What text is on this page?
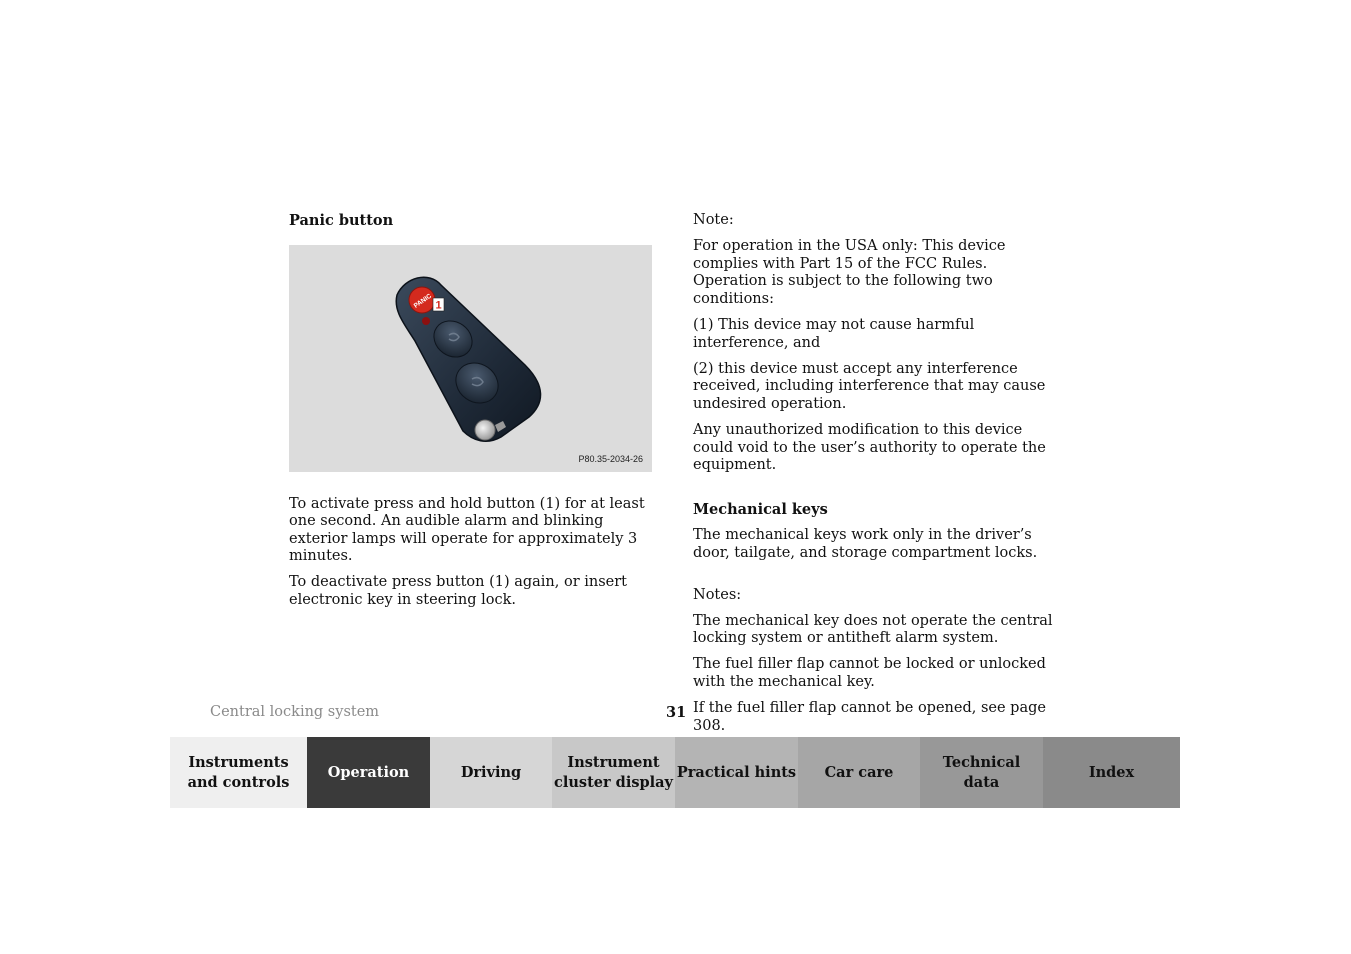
Panic button
PANIC 1
P80.35-2034-26

To activate press and hold button (1) for at least one second. An audible alarm and blinking exterior lamps will operate for approximately 3 minutes.

To deactivate press button (1) again, or insert electronic key in steering lock.

Note:

For operation in the USA only: This device complies with Part 15 of the FCC Rules. Operation is subject to the following two conditions:

(1) This device may not cause harmful interference, and

(2) this device must accept any interference received, including interference that may cause undesired operation.

Any unauthorized modification to this device could void to the user’s authority to operate the equipment.

Mechanical keys

The mechanical keys work only in the driver’s door, tailgate, and storage compartment locks.

Notes:

The mechanical key does not operate the central locking system or antitheft alarm system.

The fuel filler flap cannot be locked or unlocked with the mechanical key.

If the fuel filler flap cannot be opened, see page 308.

Central locking system	31
Instruments
and controls
Operation	Driving
Instrument
cluster display
Practical hints	Car care
Technical
data
Index
